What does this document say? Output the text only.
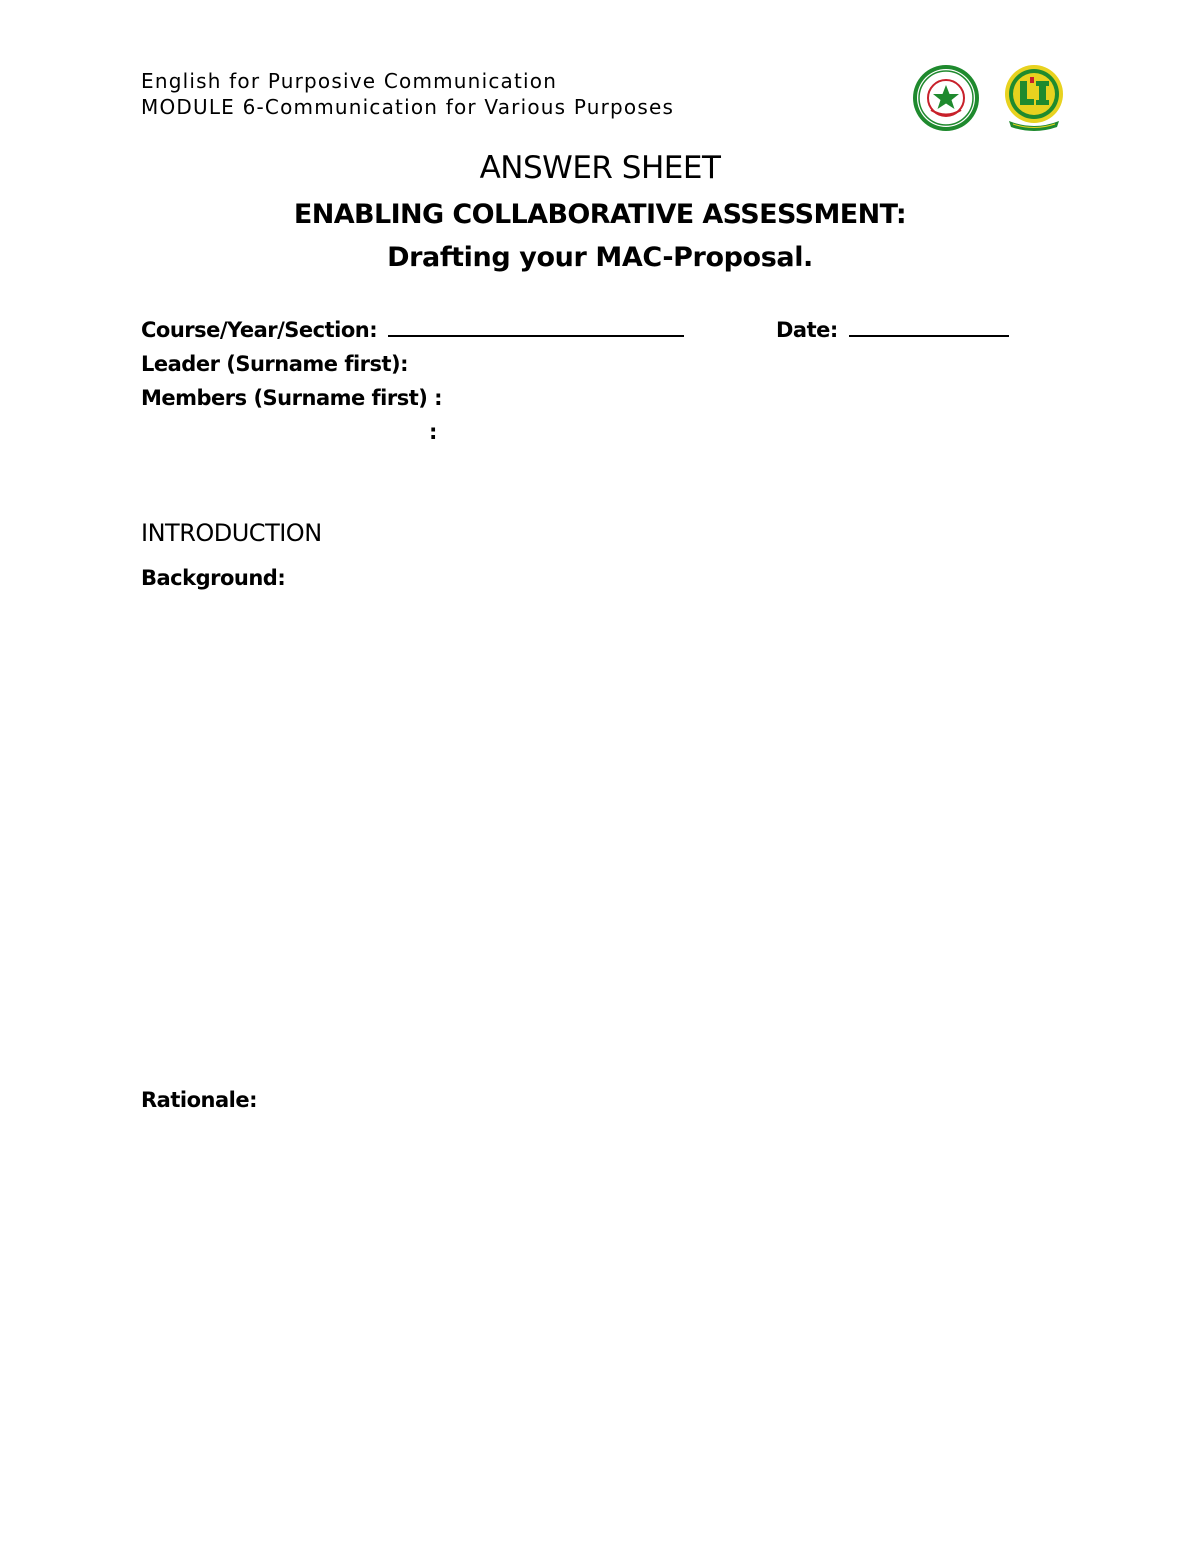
English for Purposive Communication
MODULE 6-Communication for Various Purposes
ANSWER SHEET
ENABLING COLLABORATIVE ASSESSMENT:
Drafting your MAC-Proposal.
Course/Year/Section:	Date:
Leader (Surname first):
Members (Surname first) :
:
INTRODUCTION
Background:
Rationale:
